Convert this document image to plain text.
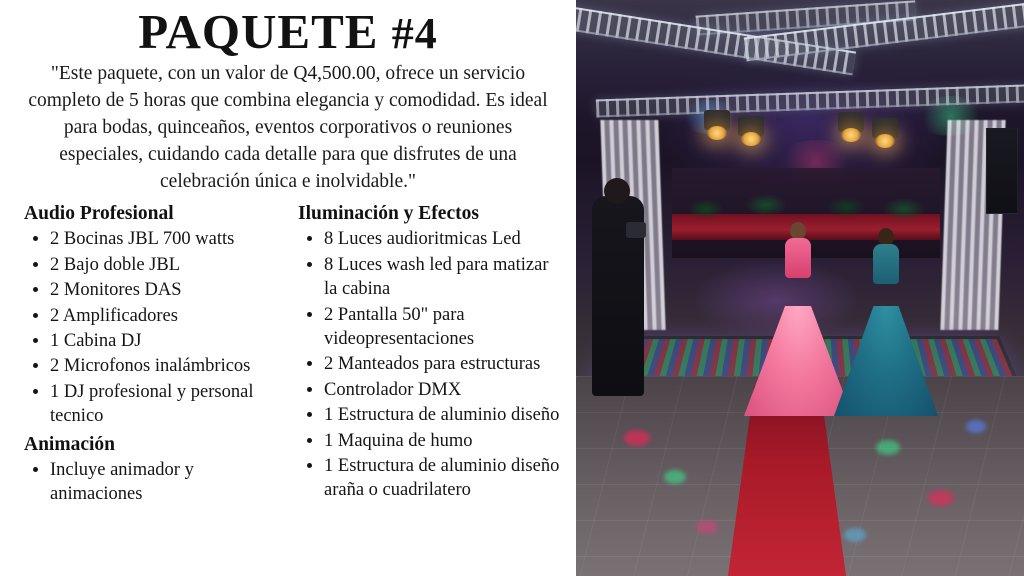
PAQUETE #4

"Este paquete, con un valor de Q4,500.00, ofrece un servicio completo de 5 horas que combina elegancia y comodidad. Es ideal para bodas, quinceaños, eventos corporativos o reuniones especiales, cuidando cada detalle para que disfrutes de una celebración única e inolvidable."

Audio Profesional
• 2 Bocinas JBL 700 watts
• 2 Bajo doble JBL
• 2 Monitores DAS
• 2 Amplificadores
• 1 Cabina DJ
• 2 Microfonos inalámbricos
• 1 DJ profesional y personal tecnico
Animación
• Incluye animador y animaciones
Iluminación y Efectos
• 8 Luces audioritmicas Led
• 8 Luces wash led para matizar la cabina
• 2 Pantalla 50" para videopresentaciones
• 2 Manteados para estructuras
• Controlador DMX
• 1 Estructura de aluminio diseño
• 1 Maquina de humo
• 1 Estructura de aluminio diseño araña o cuadrilatero
